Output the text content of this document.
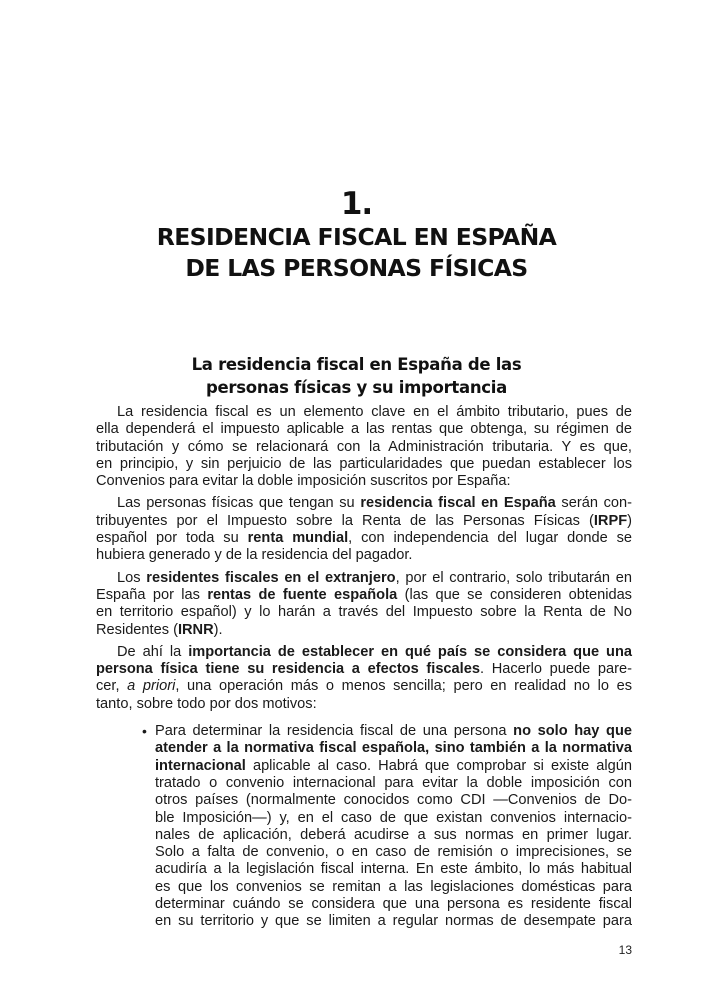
1.
RESIDENCIA FISCAL EN ESPAÑA
DE LAS PERSONAS FÍSICAS
La residencia fiscal en España de las
personas físicas y su importancia
La residencia fiscal es un elemento clave en el ámbito tributario, pues de
ella dependerá el impuesto aplicable a las rentas que obtenga, su régimen de
tributación y cómo se relacionará con la Administración tributaria. Y es que,
en principio, y sin perjuicio de las particularidades que puedan establecer los
Convenios para evitar la doble imposición suscritos por España:
Las personas físicas que tengan su residencia fiscal en España serán con-
tribuyentes por el Impuesto sobre la Renta de las Personas Físicas (IRPF)
español por toda su renta mundial, con independencia del lugar donde se
hubiera generado y de la residencia del pagador.
Los residentes fiscales en el extranjero, por el contrario, solo tributarán en
España por las rentas de fuente española (las que se consideren obtenidas
en territorio español) y lo harán a través del Impuesto sobre la Renta de No
Residentes (IRNR).
De ahí la importancia de establecer en qué país se considera que una
persona física tiene su residencia a efectos fiscales. Hacerlo puede pare-
cer, a priori, una operación más o menos sencilla; pero en realidad no lo es
tanto, sobre todo por dos motivos:
• Para determinar la residencia fiscal de una persona no solo hay que
atender a la normativa fiscal española, sino también a la normativa
internacional aplicable al caso. Habrá que comprobar si existe algún
tratado o convenio internacional para evitar la doble imposición con
otros países (normalmente conocidos como CDI —Convenios de Do-
ble Imposición—) y, en el caso de que existan convenios internacio-
nales de aplicación, deberá acudirse a sus normas en primer lugar.
Solo a falta de convenio, o en caso de remisión o imprecisiones, se
acudiría a la legislación fiscal interna. En este ámbito, lo más habitual
es que los convenios se remitan a las legislaciones domésticas para
determinar cuándo se considera que una persona es residente fiscal
en su territorio y que se limiten a regular normas de desempate para
13
